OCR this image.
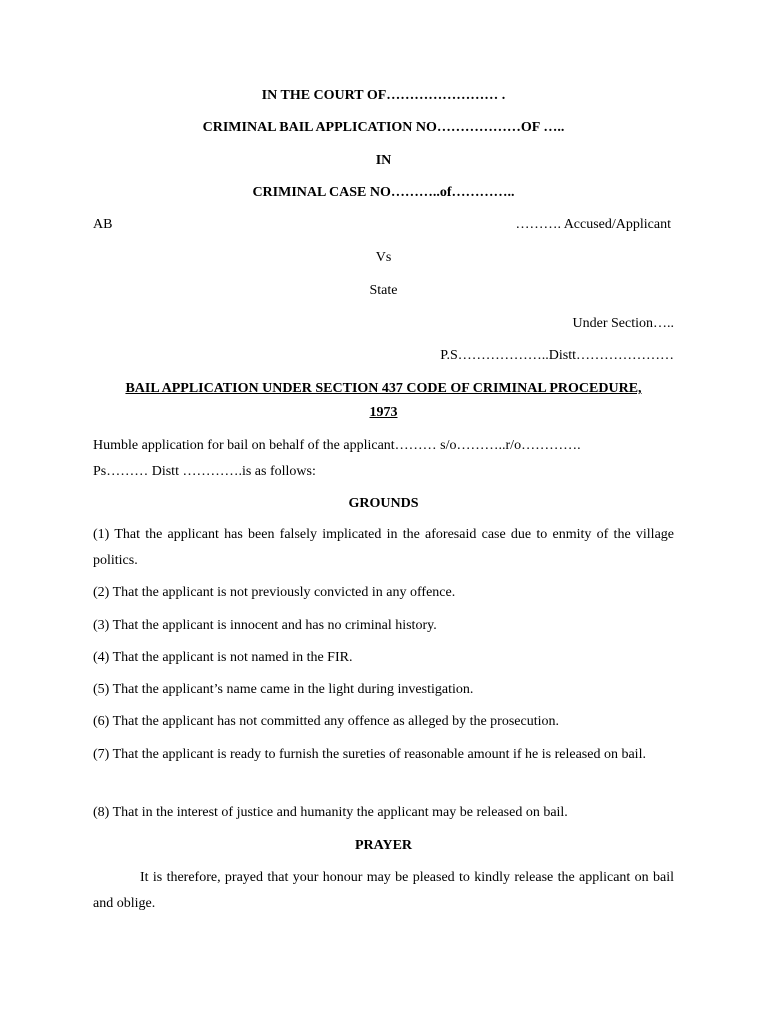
IN THE COURT OF…………………… .
CRIMINAL BAIL APPLICATION NO………………OF …..
IN
CRIMINAL CASE NO………..of…………..
AB	………. Accused/Applicant
Vs
State
Under Section…..
P.S………………..Distt…………………
BAIL APPLICATION UNDER SECTION 437 CODE OF CRIMINAL PROCEDURE,
1973
Humble application for bail on behalf of the applicant……… s/o………..r/o………….
Ps……… Distt ………….is as follows:
GROUNDS
(1) That the applicant has been falsely implicated in the aforesaid case due to enmity of the village politics.
(2) That the applicant is not previously convicted in any offence.
(3) That the applicant is innocent and has no criminal history.
(4) That the applicant is not named in the FIR.
(5) That the applicant’s name came in the light during investigation.
(6) That the applicant has not committed any offence as alleged by the prosecution.
(7) That the applicant is ready to furnish the sureties of reasonable amount if he is released on bail.
(8) That in the interest of justice and humanity the applicant may be released on bail.
PRAYER
It is therefore, prayed that your honour may be pleased to kindly release the applicant on bail and oblige.
